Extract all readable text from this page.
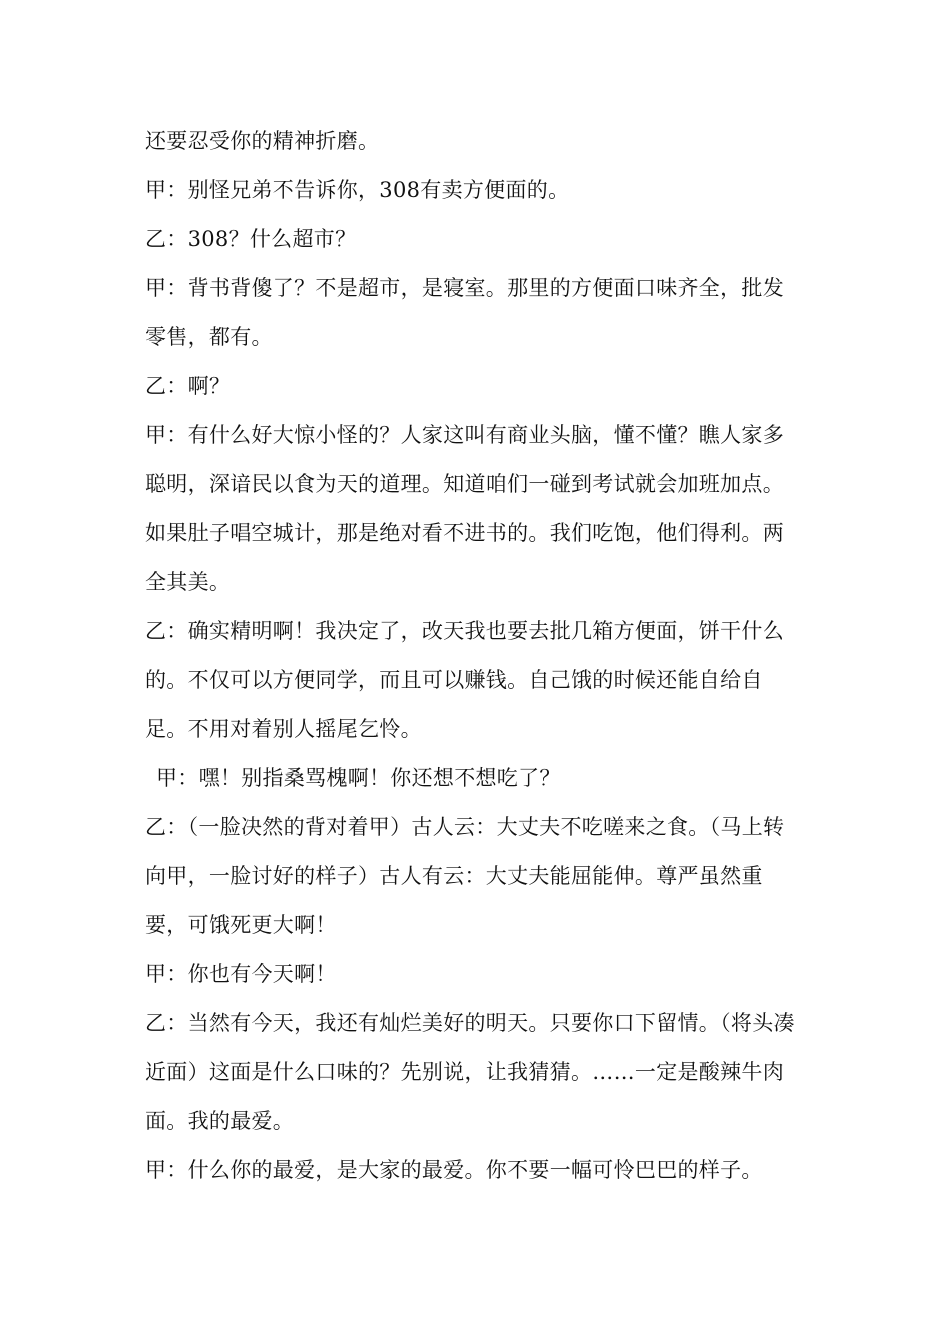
还要忍受你的精神折磨。

甲：别怪兄弟不告诉你，308有卖方便面的。

乙：308？什么超市？

甲：背书背傻了？不是超市，是寝室。那里的方便面口味齐全，批发零售，都有。

乙：啊？

甲：有什么好大惊小怪的？人家这叫有商业头脑，懂不懂？瞧人家多聪明，深谙民以食为天的道理。知道咱们一碰到考试就会加班加点。如果肚子唱空城计，那是绝对看不进书的。我们吃饱，他们得利。两全其美。

乙：确实精明啊！我决定了，改天我也要去批几箱方便面，饼干什么的。不仅可以方便同学，而且可以赚钱。自己饿的时候还能自给自足。不用对着别人摇尾乞怜。

甲：嘿！别指桑骂槐啊！你还想不想吃了？

乙：（一脸决然的背对着甲）古人云：大丈夫不吃嗟来之食。（马上转向甲，一脸讨好的样子）古人有云：大丈夫能屈能伸。尊严虽然重要，可饿死更大啊！

甲：你也有今天啊！

乙：当然有今天，我还有灿烂美好的明天。只要你口下留情。（将头凑近面）这面是什么口味的？先别说，让我猜猜。……一定是酸辣牛肉面。我的最爱。

甲：什么你的最爱，是大家的最爱。你不要一幅可怜巴巴的样子。
